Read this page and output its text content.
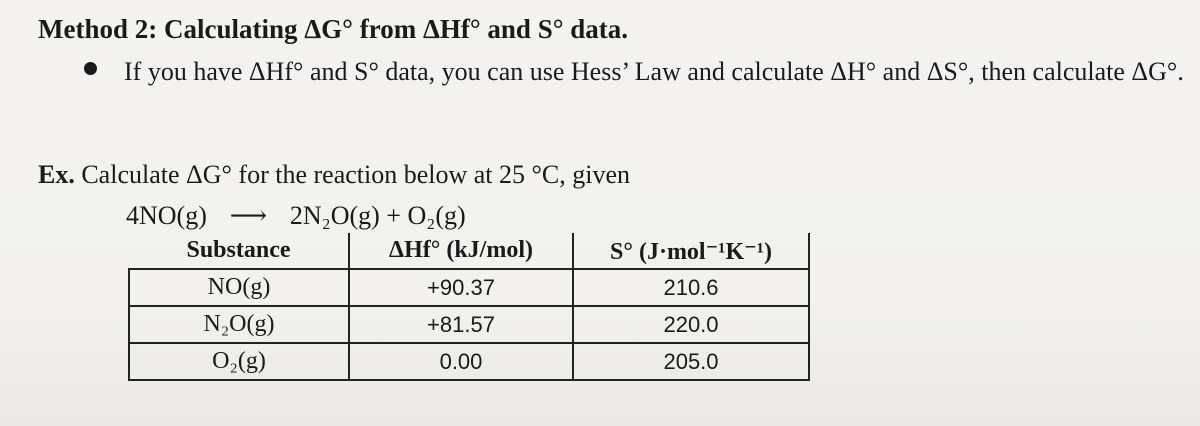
Method 2: Calculating ΔG° from ΔHf° and S° data.
If you have ΔHf° and S° data, you can use Hess’ Law and calculate ΔH° and ΔS°, then calculate ΔG°.
Ex. Calculate ΔG° for the reaction below at 25 °C, given
4NO(g) ⟶ 2N₂O(g) + O₂(g)
Substance	ΔHf° (kJ/mol)	S° (J·mol⁻¹K⁻¹)
NO(g)	+90.37	210.6
N₂O(g)	+81.57	220.0
O₂(g)	0.00	205.0
